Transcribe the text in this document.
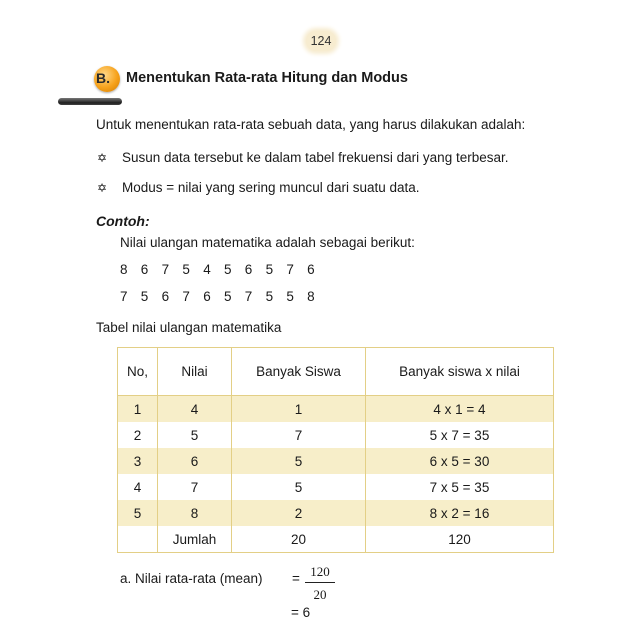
124
B. Menentukan Rata-rata Hitung dan Modus
Untuk menentukan rata-rata sebuah data, yang harus dilakukan adalah:
✡ Susun data tersebut ke dalam tabel frekuensi dari yang terbesar.
✡ Modus = nilai yang sering muncul dari suatu data.
Contoh:
Nilai ulangan matematika adalah sebagai berikut:
8 6 7 5 4 5 6 5 7 6
7 5 6 7 6 5 7 5 5 8
Tabel nilai ulangan matematika
No,	Nilai	Banyak Siswa	Banyak siswa x nilai
1	4	1	4 x 1 = 4
2	5	7	5 x 7 = 35
3	6	5	6 x 5 = 30
4	7	5	7 x 5 = 35
5	8	2	8 x 2 = 16
	Jumlah	20	120
a. Nilai rata-rata (mean) = 120
20
= 6
